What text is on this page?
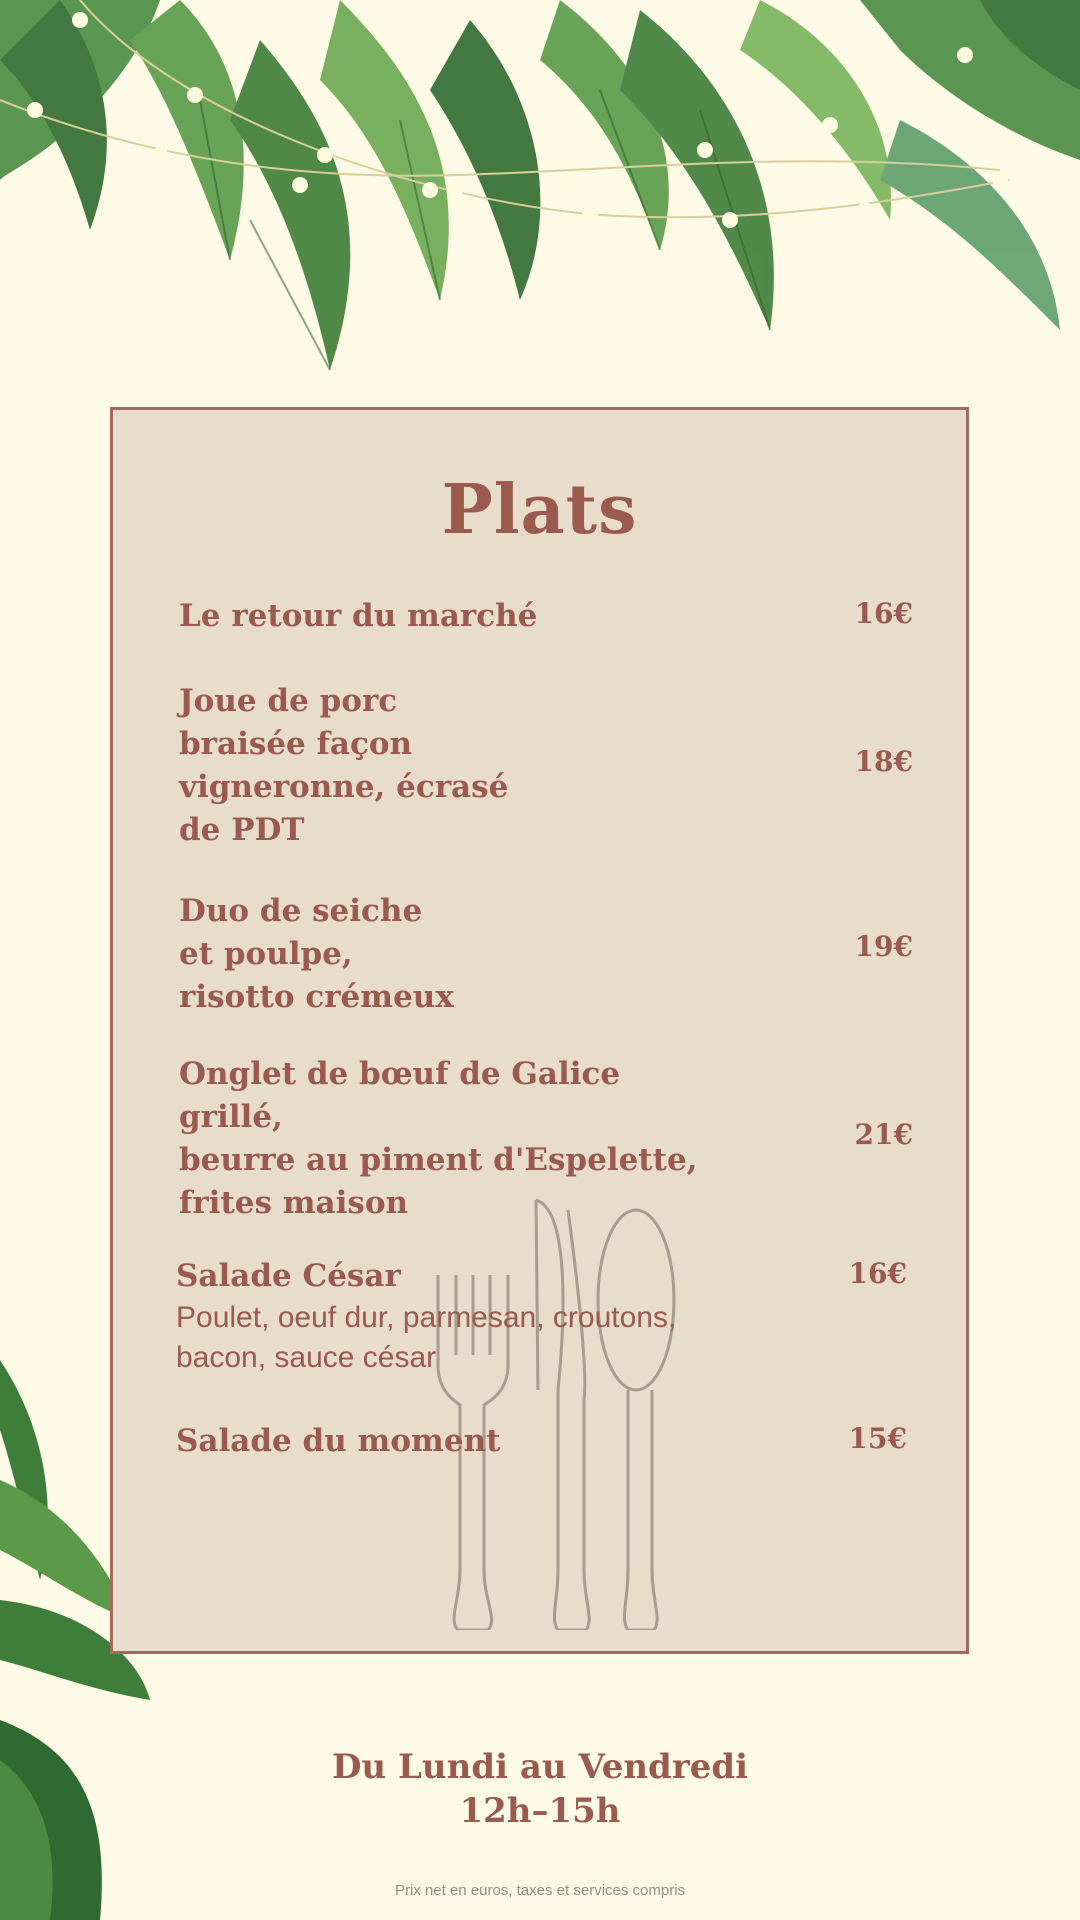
Plats
Le retour du marché	16€
Joue de porc
braisée façon
vigneronne, écrasé
de PDT
18€
Duo de seiche
et poulpe,
risotto crémeux
19€
Onglet de bœuf de Galice
grillé,
beurre au piment d'Espelette,
frites maison
21€
Salade César
Poulet, oeuf dur, parmesan, croutons,
bacon, sauce césar
16€
Salade du moment	15€
Du Lundi au Vendredi
12h–15h
Prix net en euros, taxes et services compris
